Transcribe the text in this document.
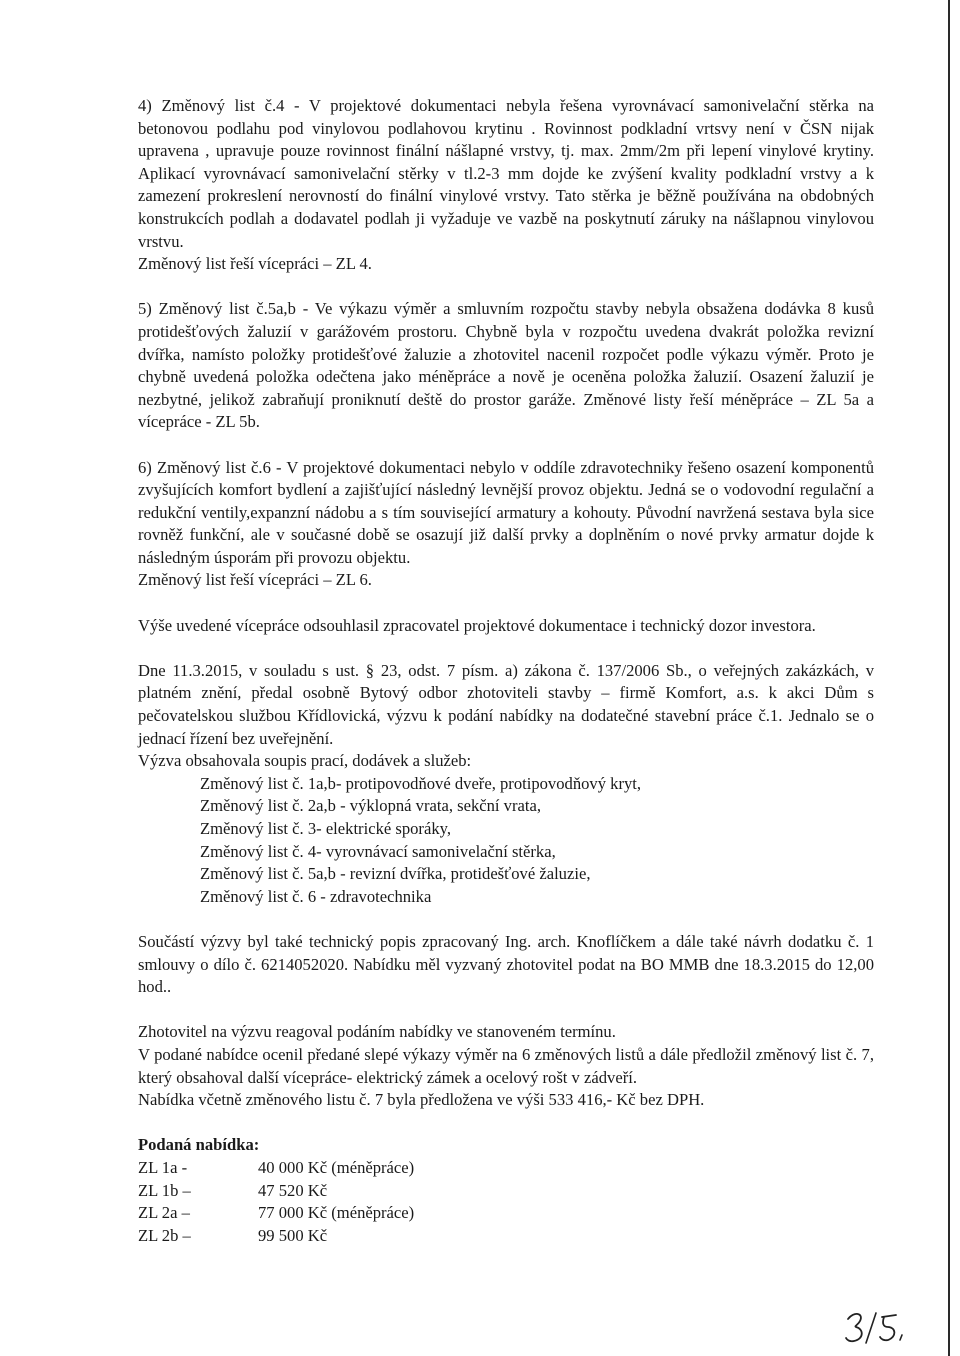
4) Změnový list č.4 - V projektové dokumentaci nebyla řešena vyrovnávací samonivelační stěrka na betonovou podlahu pod vinylovou podlahovou krytinu . Rovinnost podkladní vrtsvy není v ČSN nijak upravena , upravuje pouze rovinnost finální nášlapné vrstvy, tj. max. 2mm/2m při lepení vinylové krytiny. Aplikací vyrovnávací samonivelační stěrky v tl.2-3 mm dojde ke zvýšení kvality podkladní vrstvy a k zamezení prokreslení nerovností do finální vinylové vrstvy. Tato stěrka je běžně používána na obdobných konstrukcích podlah a dodavatel podlah ji vyžaduje ve vazbě na poskytnutí záruky na nášlapnou vinylovou vrstvu.

Změnový list řeší vícepráci – ZL 4.

5) Změnový list č.5a,b - Ve výkazu výměr a smluvním rozpočtu stavby nebyla obsažena dodávka 8 kusů protidešťových žaluzií v garážovém prostoru. Chybně byla v rozpočtu uvedena dvakrát položka revizní dvířka, namísto položky protidešťové žaluzie a zhotovitel nacenil rozpočet podle výkazu výměr. Proto je chybně uvedená položka odečtena jako méněpráce a nově je oceněna položka žaluzií. Osazení žaluzií je nezbytné, jelikož zabraňují proniknutí deště do prostor garáže. Změnové listy řeší méněpráce – ZL 5a a vícepráce - ZL 5b.

6) Změnový list č.6 - V projektové dokumentaci nebylo v oddíle zdravotechniky řešeno osazení komponentů zvyšujících komfort bydlení a zajišťující následný levnější provoz objektu. Jedná se o vodovodní regulační a redukční ventily,expanzní nádobu a s tím související armatury a kohouty. Původní navržená sestava byla sice rovněž funkční, ale v současné době se osazují již další prvky a doplněním o nové prvky armatur dojde k následným úsporám při provozu objektu.

Změnový list řeší vícepráci – ZL 6.

Výše uvedené vícepráce odsouhlasil zpracovatel projektové dokumentace i technický dozor investora.

Dne 11.3.2015, v souladu s ust. § 23, odst. 7 písm. a) zákona č. 137/2006 Sb., o veřejných zakázkách, v platném znění, předal osobně Bytový odbor zhotoviteli stavby – firmě Komfort, a.s. k akci Dům s pečovatelskou službou Křídlovická, výzvu k podání nabídky na dodatečné stavební práce č.1. Jednalo se o jednací řízení bez uveřejnění.

Výzva obsahovala soupis prací, dodávek a služeb:

Změnový list č. 1a,b- protipovodňové dveře, protipovodňový kryt,
Změnový list č. 2a,b - výklopná vrata, sekční vrata,
Změnový list č. 3- elektrické sporáky,
Změnový list č. 4- vyrovnávací samonivelační stěrka,
Změnový list č. 5a,b - revizní dvířka, protidešťové žaluzie,
Změnový list č. 6 - zdravotechnika

Součástí výzvy byl také technický popis zpracovaný Ing. arch. Knoflíčkem a dále také návrh dodatku č. 1 smlouvy o dílo č. 6214052020. Nabídku měl vyzvaný zhotovitel podat na BO MMB dne 18.3.2015 do 12,00 hod..

Zhotovitel na výzvu reagoval podáním nabídky ve stanoveném termínu.

V podané nabídce ocenil předané slepé výkazy výměr na 6 změnových listů a dále předložil změnový list č. 7, který obsahoval další vícepráce- elektrický zámek a ocelový rošt v zádveří.

Nabídka včetně změnového listu č. 7 byla předložena ve výši 533 416,- Kč bez DPH.

Podaná nabídka:

ZL 1a -	40 000 Kč (méněpráce)
ZL 1b –	47 520 Kč
ZL 2a –	77 000 Kč (méněpráce)
ZL 2b –	99 500 Kč
